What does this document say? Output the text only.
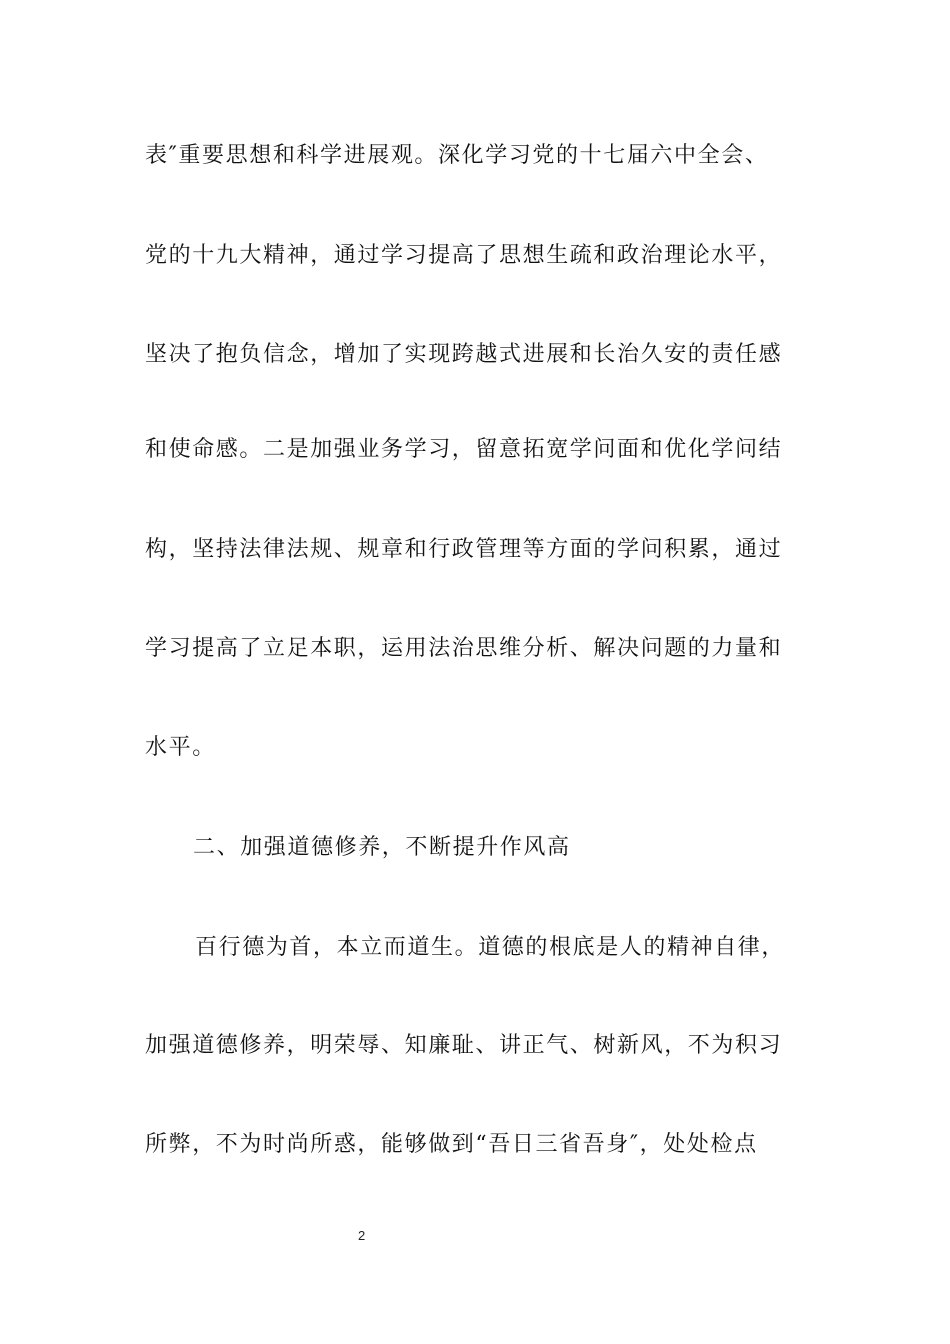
表″重要思想和科学进展观。深化学习党的十七届六中全会、
党的十九大精神，通过学习提高了思想生疏和政治理论水平，
坚决了抱负信念，增加了实现跨越式进展和长治久安的责任感
和使命感。二是加强业务学习，留意拓宽学问面和优化学问结
构，坚持法律法规、规章和行政管理等方面的学问积累，通过
学习提高了立足本职，运用法治思维分析、解决问题的力量和
水平。
二、加强道德修养，不断提升作风高
百行德为首，本立而道生。道德的根底是人的精神自律，
加强道德修养，明荣辱、知廉耻、讲正气、树新风，不为积习
所弊，不为时尚所惑，能够做到“吾日三省吾身″，处处检点
2
